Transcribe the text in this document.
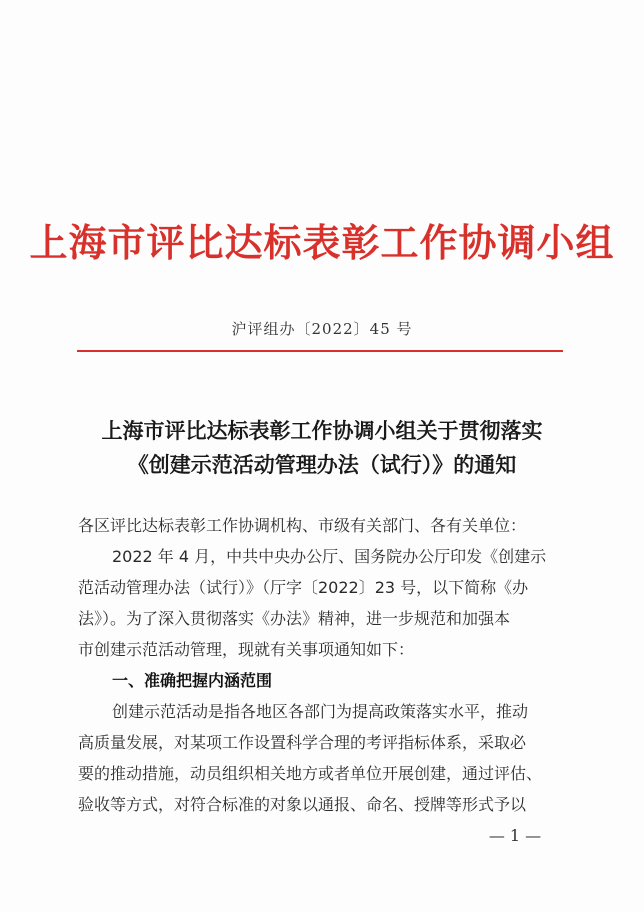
上海市评比达标表彰工作协调小组
沪评组办〔2022〕45 号
上海市评比达标表彰工作协调小组关于贯彻落实
《创建示范活动管理办法（试行）》的通知
各区评比达标表彰工作协调机构、市级有关部门、各有关单位：
2022 年 4 月，中共中央办公厅、国务院办公厅印发《创建示
范活动管理办法（试行）》（厅字〔2022〕23 号，以下简称《办
法》）。为了深入贯彻落实《办法》精神，进一步规范和加强本
市创建示范活动管理，现就有关事项通知如下：
一、准确把握内涵范围
创建示范活动是指各地区各部门为提高政策落实水平，推动
高质量发展，对某项工作设置科学合理的考评指标体系，采取必
要的推动措施，动员组织相关地方或者单位开展创建，通过评估、
验收等方式，对符合标准的对象以通报、命名、授牌等形式予以
— 1 —
